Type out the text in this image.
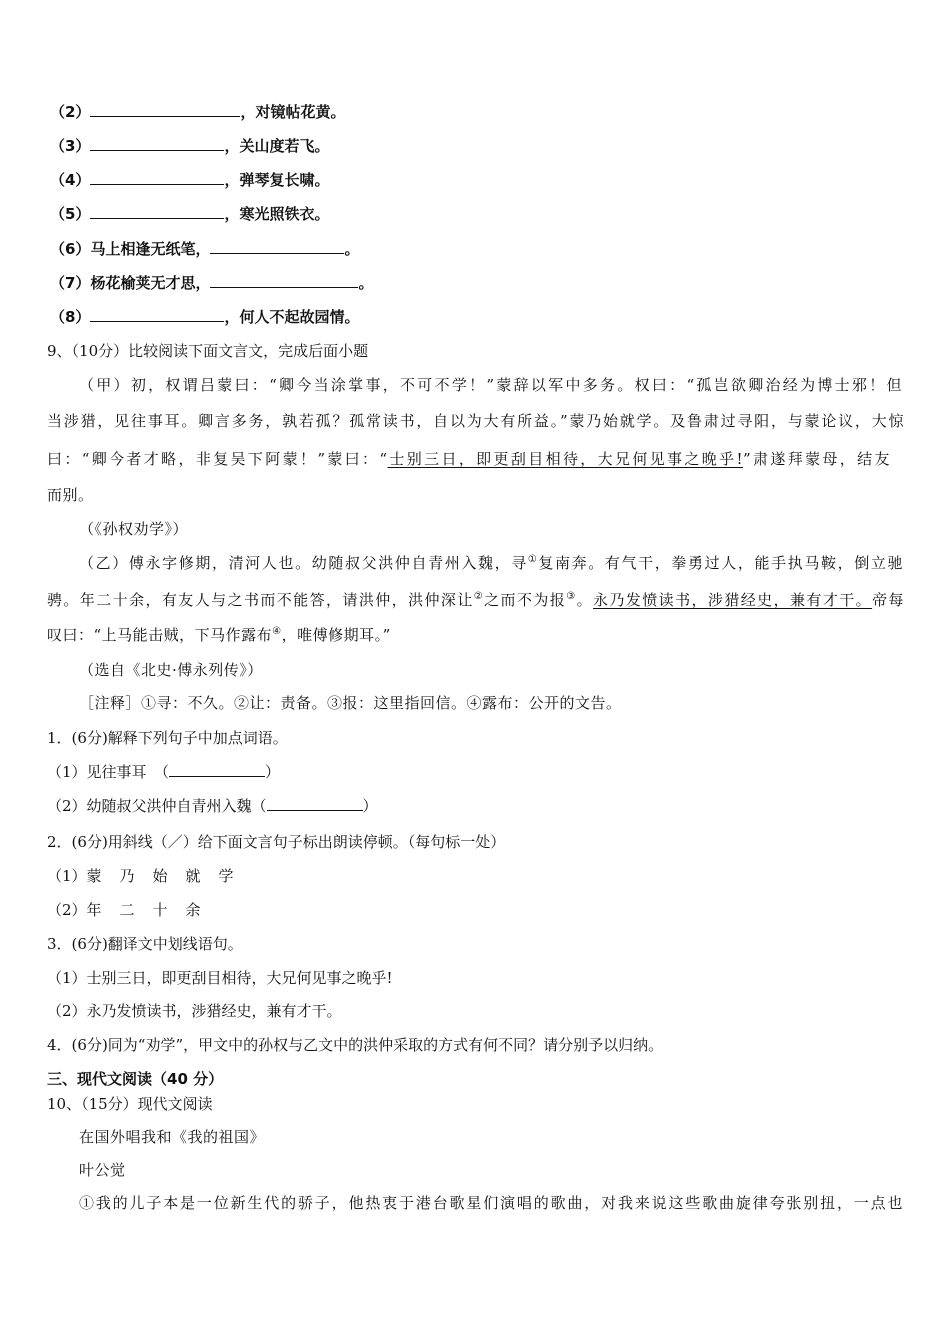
（2）	，对镜帖花黄。
（3）	，关山度若飞。
（4）	，弹琴复长啸。
（5）	，寒光照铁衣。
（6）马上相逢无纸笔，	。
（7）杨花榆荚无才思，	。
（8）	，何人不起故园情。
9、（10分）比较阅读下面文言文，完成后面小题
（甲）初，权谓吕蒙曰：“卿今当涂掌事，不可不学！”蒙辞以军中多务。权曰：“孤岂欲卿治经为博士邪！但
当涉猎，见往事耳。卿言多务，孰若孤？孤常读书，自以为大有所益。”蒙乃始就学。及鲁肃过寻阳，与蒙论议，大惊
曰：“卿今者才略，非复吴下阿蒙！”蒙曰：“士别三日，即更刮目相待，大兄何见事之晚乎!”肃遂拜蒙母，结友
而别。
（《孙权劝学》）
（乙）傅永字修期，清河人也。幼随叔父洪仲自青州入魏，寻①复南奔。有气干，拳勇过人，能手执马鞍，倒立驰
骋。年二十余，有友人与之书而不能答，请洪仲，洪仲深让②之而不为报③。永乃发愤读书，涉猎经史，兼有才干。帝每
叹曰：“上马能击贼，下马作露布④，唯傅修期耳。”
（选自《北史·傅永列传》）
［注释］①寻：不久。②让：责备。③报：这里指回信。④露布：公开的文告。
1．(6分)解释下列句子中加点词语。
（1）见往事耳　（	）
（2）幼随叔父洪仲自青州入魏（	）
2．(6分)用斜线（／）给下面文言句子标出朗读停顿。（每句标一处）
（1）蒙乃始就学
（2）年二十余
3．(6分)翻译文中划线语句。
（1）士别三日，即更刮目相待，大兄何见事之晚乎!
（2）永乃发愤读书，涉猎经史，兼有才干。
4．(6分)同为“劝学”，甲文中的孙权与乙文中的洪仲采取的方式有何不同？请分别予以归纳。
三、现代文阅读（40 分）
10、（15分）现代文阅读
在国外唱我和《我的祖国》
叶公觉
①我的儿子本是一位新生代的骄子，他热衷于港台歌星们演唱的歌曲，对我来说这些歌曲旋律夸张别扭，一点也
